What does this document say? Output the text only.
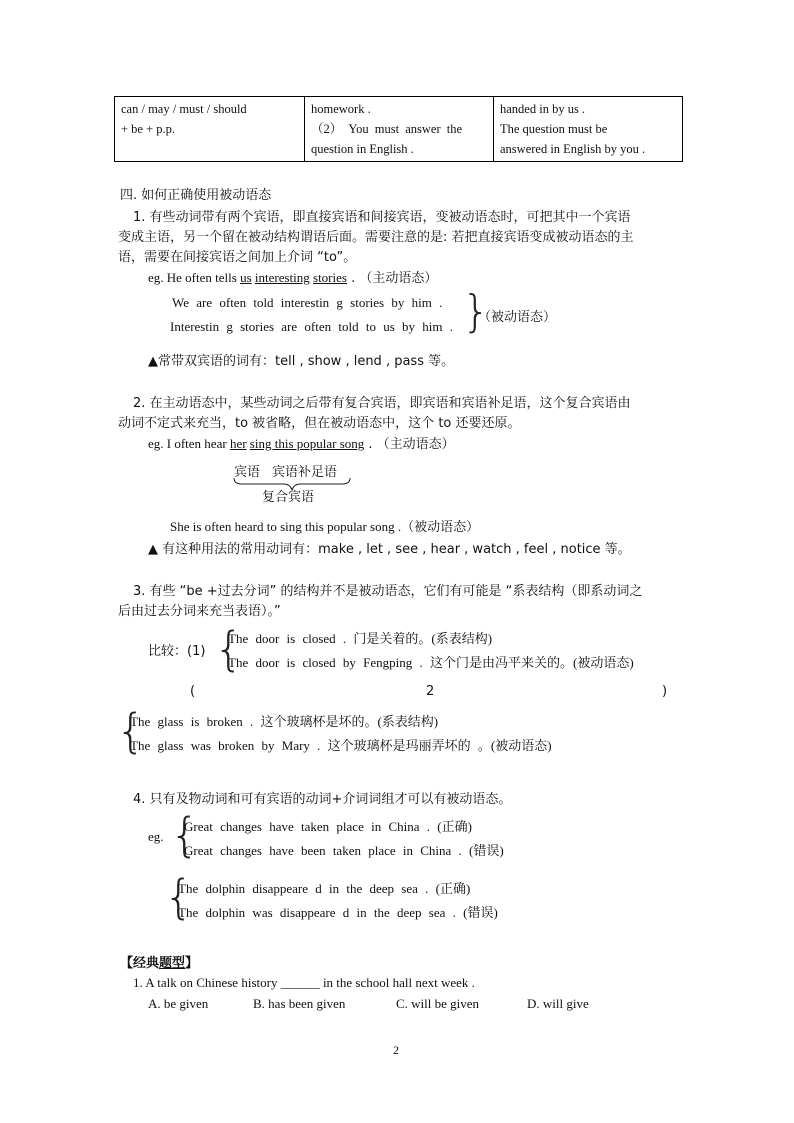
can / may / must / should
+ be + p.p.

homework .
（2） You must answer the
question in English .

handed in by us .
The question must be
answered in English by you .
四. 如何正确使用被动语态
1. 有些动词带有两个宾语，即直接宾语和间接宾语，变被动语态时，可把其中一个宾语
变成主语，另一个留在被动结构谓语后面。需要注意的是: 若把直接宾语变成被动语态的主
语，需要在间接宾语之间加上介词 “to”。
eg. He often tells us interesting stories . （主动语态）
We are often told interestin g stories by him .
Interestin g stories are often told to us by him . }
（被动语态）
▲常带双宾语的词有：tell , show , lend , pass 等。
2. 在主动语态中，某些动词之后带有复合宾语，即宾语和宾语补足语，这个复合宾语由
动词不定式来充当，to 被省略，但在被动语态中，这个 to 还要还原。
eg. I often hear her sing this popular song . （主动语态）
宾语 宾语补足语
复合宾语
She is often heard to sing this popular song .（被动语态）
▲ 有这种用法的常用动词有：make , let , see , hear , watch , feel , notice 等。
3. 有些 “be +过去分词” 的结构并不是被动语态，它们有可能是 “系表结构（即系动词之
后由过去分词来充当表语）。”
比较：(1) {
The door is closed . 门是关着的。(系表结构)
The door is closed by Fengping . 这个门是由冯平来关的。(被动语态)
(	2	)
{
The glass is broken . 这个玻璃杯是坏的。(系表结构)
The glass was broken by Mary . 这个玻璃杯是玛丽弄坏的 。(被动语态)
4. 只有及物动词和可有宾语的动词+介词词组才可以有被动语态。
eg. {
Great changes have taken place in China . (正确)
Great changes have been taken place in China . (错误)
{
The dolphin disappeare d in the deep sea . (正确)
The dolphin was disappeare d in the deep sea . (错误)
【经典题型】
1. A talk on Chinese history ______ in the school hall next week .
A. be given	B. has been given	C. will be given	D. will give
2
